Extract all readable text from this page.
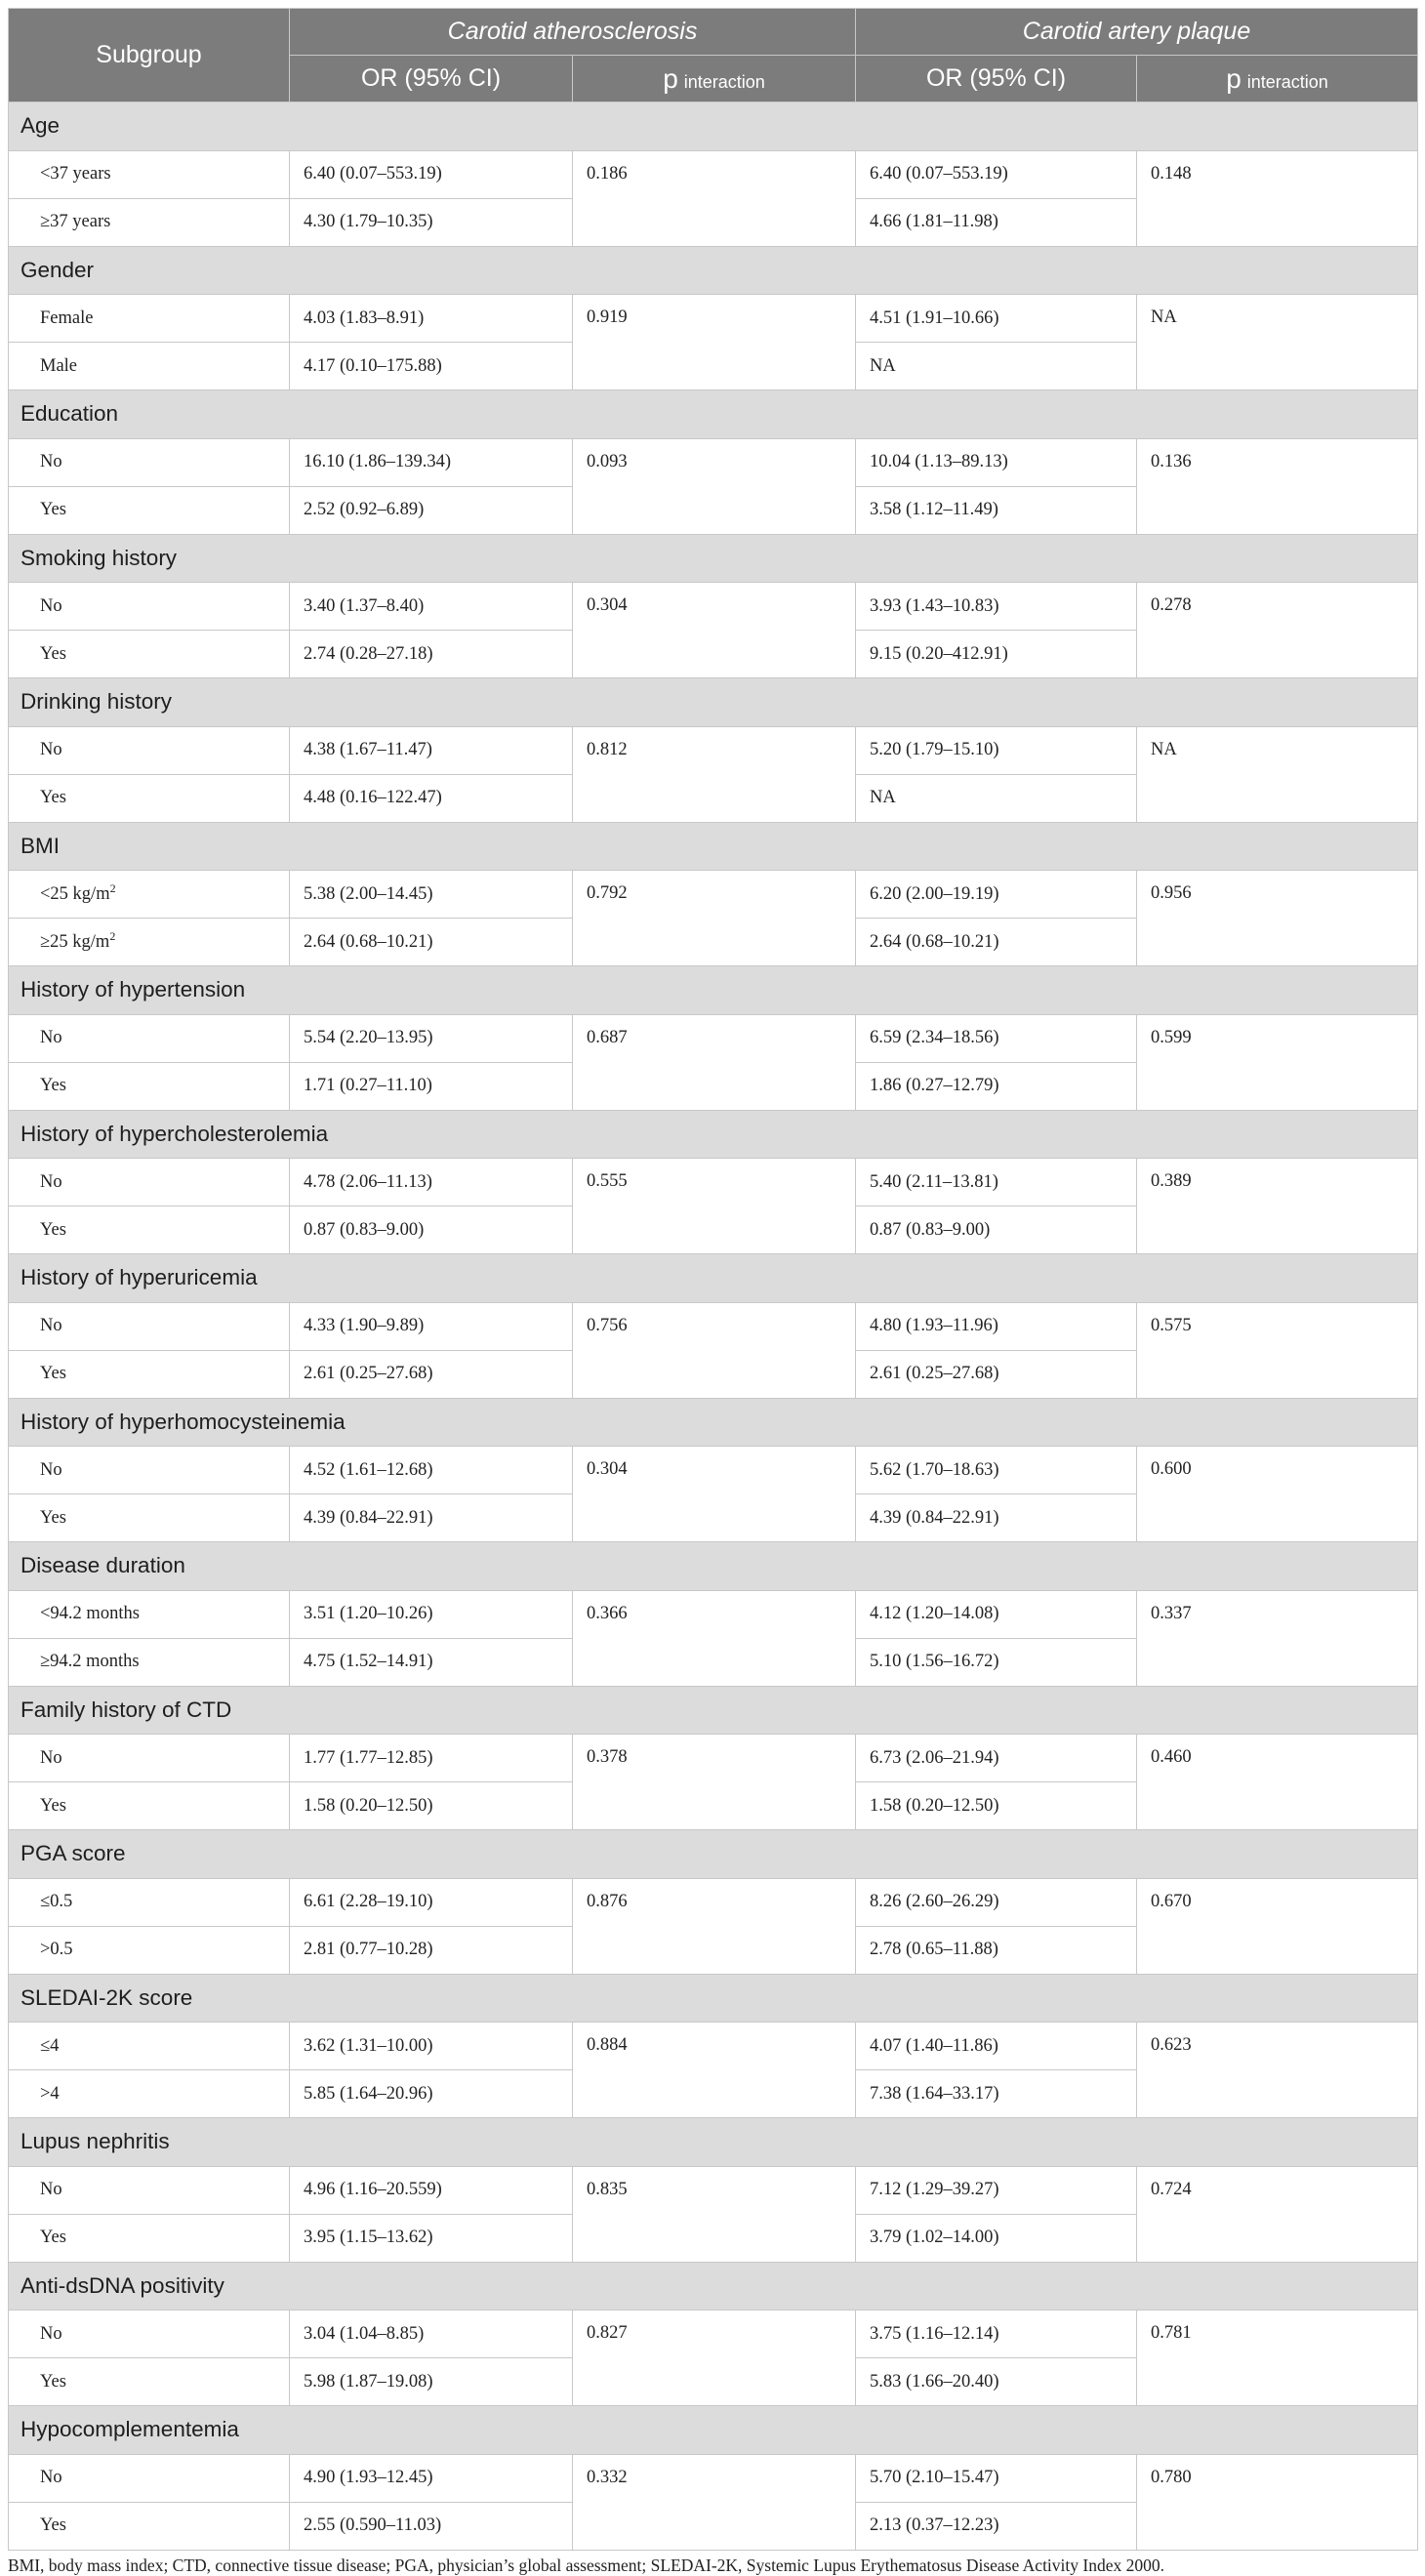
Subgroup	Carotid atherosclerosis		Carotid artery plaque	
	OR (95% CI)	p interaction	OR (95% CI)	p interaction
Age				
<37 years	6.40 (0.07–553.19)	0.186	6.40 (0.07–553.19)	0.148
≥37 years	4.30 (1.79–10.35)		4.66 (1.81–11.98)	
Gender				
Female	4.03 (1.83–8.91)	0.919	4.51 (1.91–10.66)	NA
Male	4.17 (0.10–175.88)		NA	
Education				
No	16.10 (1.86–139.34)	0.093	10.04 (1.13–89.13)	0.136
Yes	2.52 (0.92–6.89)		3.58 (1.12–11.49)	
Smoking history				
No	3.40 (1.37–8.40)	0.304	3.93 (1.43–10.83)	0.278
Yes	2.74 (0.28–27.18)		9.15 (0.20–412.91)	
Drinking history				
No	4.38 (1.67–11.47)	0.812	5.20 (1.79–15.10)	NA
Yes	4.48 (0.16–122.47)		NA	
BMI				
<25 $kg/m^2$	5.38 (2.00–14.45)	0.792	6.20 (2.00–19.19)	0.956
≥25 $kg/m^2$	2.64 (0.68–10.21)		2.64 (0.68–10.21)	
History of hypertension				
No	5.54 (2.20–13.95)	0.687	6.59 (2.34–18.56)	0.599
Yes	1.71 (0.27–11.10)		1.86 (0.27–12.79)	
History of hypercholesterolemia				
No	4.78 (2.06–11.13)	0.555	5.40 (2.11–13.81)	0.389
Yes	0.87 (0.83–9.00)		0.87 (0.83–9.00)	
History of hyperuricemia				
No	4.33 (1.90–9.89)	0.756	4.80 (1.93–11.96)	0.575
Yes	2.61 (0.25–27.68)		2.61 (0.25–27.68)	
History of hyperhomocysteinemia				
No	4.52 (1.61–12.68)	0.304	5.62 (1.70–18.63)	0.600
Yes	4.39 (0.84–22.91)		4.39 (0.84–22.91)	
Disease duration				
<94.2 months	3.51 (1.20–10.26)	0.366	4.12 (1.20–14.08)	0.337
≥94.2 months	4.75 (1.52–14.91)		5.10 (1.56–16.72)	
Family history of CTD				
No	1.77 (1.77–12.85)	0.378	6.73 (2.06–21.94)	0.460
Yes	1.58 (0.20–12.50)		1.58 (0.20–12.50)	
PGA score				
≤0.5	6.61 (2.28–19.10)	0.876	8.26 (2.60–26.29)	0.670
>0.5	2.81 (0.77–10.28)		2.78 (0.65–11.88)	
SLEDAI-2K score				
≤4	3.62 (1.31–10.00)	0.884	4.07 (1.40–11.86)	0.623
>4	5.85 (1.64–20.96)		7.38 (1.64–33.17)	
Lupus nephritis				
No	4.96 (1.16–20.559)	0.835	7.12 (1.29–39.27)	0.724
Yes	3.95 (1.15–13.62)		3.79 (1.02–14.00)	
Anti-dsDNA positivity				
No	3.04 (1.04–8.85)	0.827	3.75 (1.16–12.14)	0.781
Yes	5.98 (1.87–19.08)		5.83 (1.66–20.40)	
Hypocomplementemia				
No	4.90 (1.93–12.45)	0.332	5.70 (2.10–15.47)	0.780
Yes	2.55 (0.590–11.03)		2.13 (0.37–12.23)	
BMI, body mass index; CTD, connective tissue disease; PGA, physician’s global assessment; SLEDAI-2K, Systemic Lupus Erythematosus Disease Activity Index 2000.
